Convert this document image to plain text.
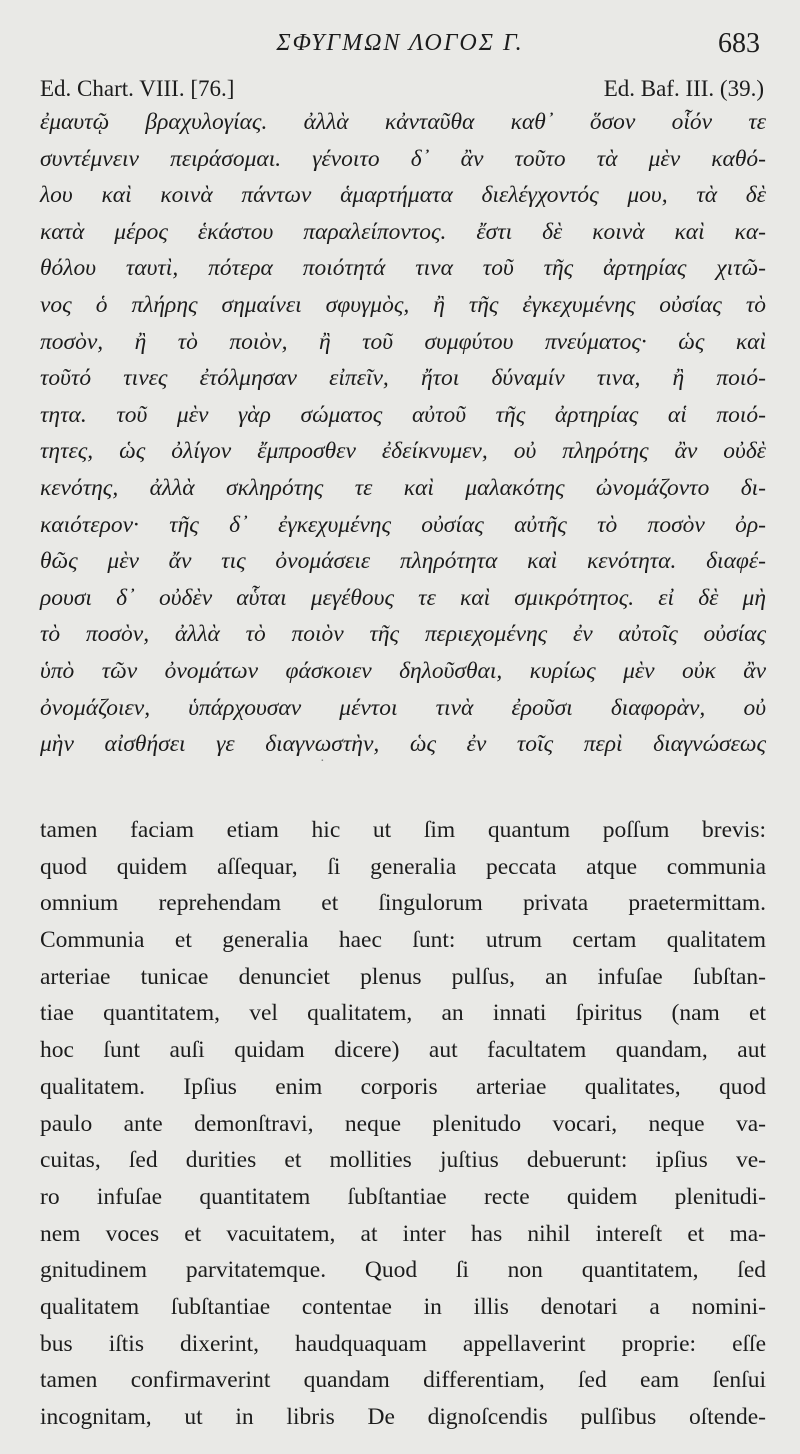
ΣΦΥΓΜΩΝ ΛΟΓΟΣ Γ.	683
Ed. Chart. VIII. [76.]	Ed. Baf. III. (39.)
ἐμαυτῷ βραχυλογίας. ἀλλὰ κἀνταῦθα καθ᾽ ὅσον οἷόν τε
συντέμνειν πειράσομαι. γένοιτο δ᾽ ἂν τοῦτο τὰ μὲν καθό-
λου καὶ κοινὰ πάντων ἁμαρτήματα διελέγχοντός μου, τὰ δὲ
κατὰ μέρος ἑκάστου παραλείποντος. ἔστι δὲ κοινὰ καὶ κα-
θόλου ταυτὶ, πότερα ποιότητά τινα τοῦ τῆς ἀρτηρίας χιτῶ-
νος ὁ πλήρης σημαίνει σφυγμὸς, ἢ τῆς ἐγκεχυμένης οὐσίας τὸ
ποσὸν, ἢ τὸ ποιὸν, ἢ τοῦ συμφύτου πνεύματος· ὡς καὶ
τοῦτό τινες ἐτόλμησαν εἰπεῖν, ἤτοι δύναμίν τινα, ἢ ποιό-
τητα. τοῦ μὲν γὰρ σώματος αὐτοῦ τῆς ἀρτηρίας αἱ ποιό-
τητες, ὡς ὀλίγον ἔμπροσθεν ἐδείκνυμεν, οὐ πληρότης ἂν οὐδὲ
κενότης, ἀλλὰ σκληρότης τε καὶ μαλακότης ὠνομάζοντο δι-
καιότερον· τῆς δ᾽ ἐγκεχυμένης οὐσίας αὐτῆς τὸ ποσὸν ὀρ-
θῶς μὲν ἄν τις ὀνομάσειε πληρότητα καὶ κενότητα. διαφέ-
ρουσι δ᾽ οὐδὲν αὗται μεγέθους τε καὶ σμικρότητος. εἰ δὲ μὴ
τὸ ποσὸν, ἀλλὰ τὸ ποιὸν τῆς περιεχομένης ἐν αὐτοῖς οὐσίας
ὑπὸ τῶν ὀνομάτων φάσκοιεν δηλοῦσθαι, κυρίως μὲν οὐκ ἂν
ὀνομάζοιεν, ὑπάρχουσαν μέντοι τινὰ ἐροῦσι διαφορὰν, οὐ
μὴν αἰσθήσει γε διαγνωστὴν, ὡς ἐν τοῖς περὶ διαγνώσεως
·
tamen faciam etiam hic ut ſim quantum poſſum brevis:
quod quidem aſſequar, ſi generalia peccata atque communia
omnium reprehendam et ſingulorum privata praetermittam.
Communia et generalia haec ſunt: utrum certam qualitatem
arteriae tunicae denunciet plenus pulſus, an infuſae ſubſtan-
tiae quantitatem, vel qualitatem, an innati ſpiritus (nam et
hoc ſunt auſi quidam dicere) aut facultatem quandam, aut
qualitatem. Ipſius enim corporis arteriae qualitates, quod
paulo ante demonſtravi, neque plenitudo vocari, neque va-
cuitas, ſed durities et mollities juſtius debuerunt: ipſius ve-
ro infuſae quantitatem ſubſtantiae recte quidem plenitudi-
nem voces et vacuitatem, at inter has nihil intereſt et ma-
gnitudinem parvitatemque. Quod ſi non quantitatem, ſed
qualitatem ſubſtantiae contentae in illis denotari a nomini-
bus iſtis dixerint, haudquaquam appellaverint proprie: eſſe
tamen confirmaverint quandam differentiam, ſed eam ſenſui
incognitam, ut in libris De dignoſcendis pulſibus oſtende-
